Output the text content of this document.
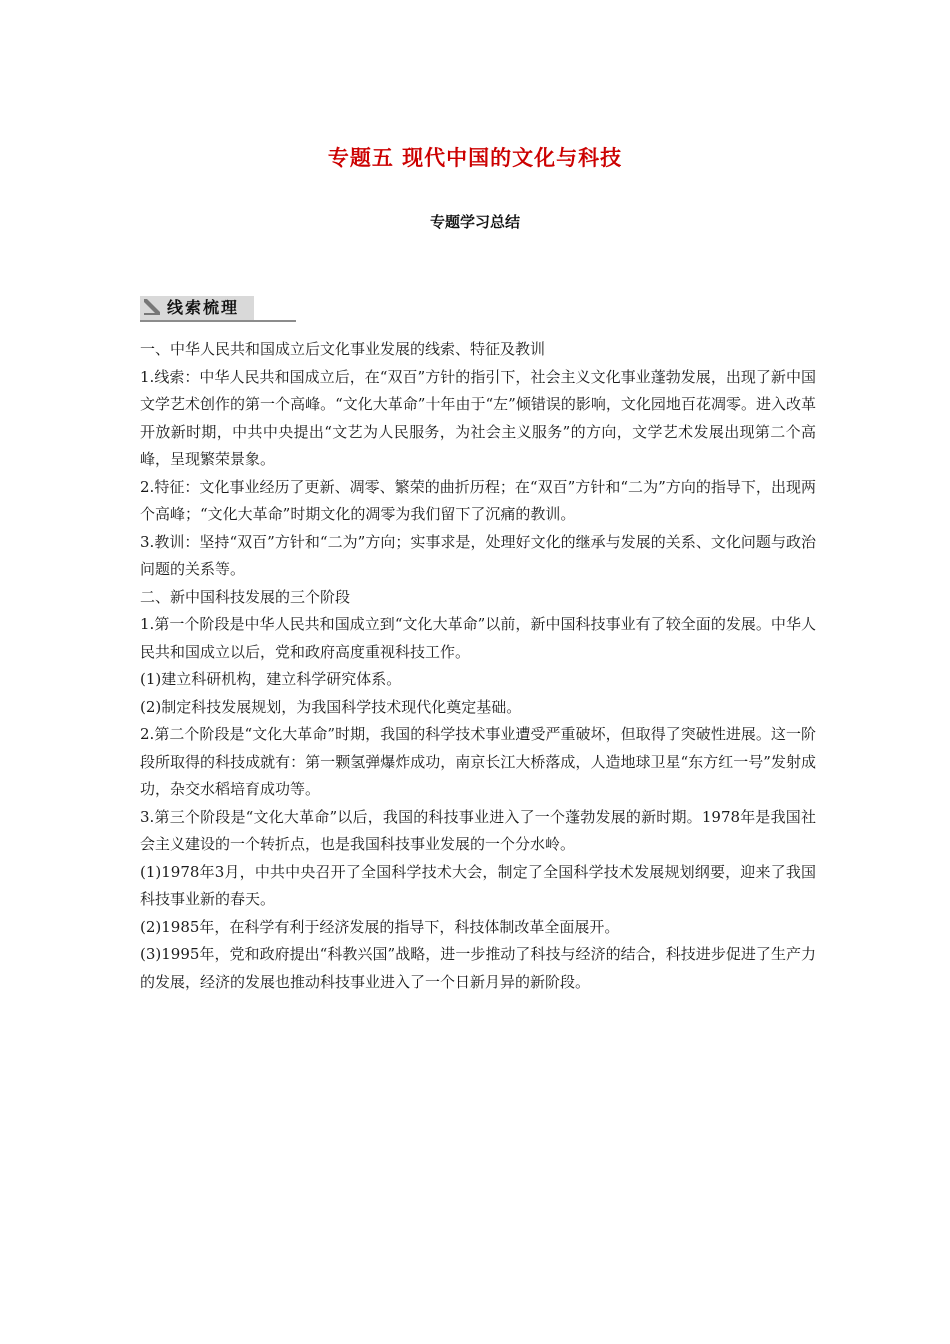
专题五 现代中国的文化与科技
专题学习总结
线索梳理

一、中华人民共和国成立后文化事业发展的线索、特征及教训

1.线索：中华人民共和国成立后，在“双百”方针的指引下，社会主义文化事业蓬勃发展，出现了新中国文学艺术创作的第一个高峰。“文化大革命”十年由于“左”倾错误的影响，文化园地百花凋零。进入改革开放新时期，中共中央提出“文艺为人民服务，为社会主义服务”的方向，文学艺术发展出现第二个高峰，呈现繁荣景象。

2.特征：文化事业经历了更新、凋零、繁荣的曲折历程；在“双百”方针和“二为”方向的指导下，出现两个高峰；“文化大革命”时期文化的凋零为我们留下了沉痛的教训。

3.教训：坚持“双百”方针和“二为”方向；实事求是，处理好文化的继承与发展的关系、文化问题与政治问题的关系等。

二、新中国科技发展的三个阶段

1.第一个阶段是中华人民共和国成立到“文化大革命”以前，新中国科技事业有了较全面的发展。中华人民共和国成立以后，党和政府高度重视科技工作。

(1)建立科研机构，建立科学研究体系。

(2)制定科技发展规划，为我国科学技术现代化奠定基础。

2.第二个阶段是“文化大革命”时期，我国的科学技术事业遭受严重破坏，但取得了突破性进展。这一阶段所取得的科技成就有：第一颗氢弹爆炸成功，南京长江大桥落成，人造地球卫星“东方红一号”发射成功，杂交水稻培育成功等。

3.第三个阶段是“文化大革命”以后，我国的科技事业进入了一个蓬勃发展的新时期。1978年是我国社会主义建设的一个转折点，也是我国科技事业发展的一个分水岭。

(1)1978年3月，中共中央召开了全国科学技术大会，制定了全国科学技术发展规划纲要，迎来了我国科技事业新的春天。

(2)1985年，在科学有利于经济发展的指导下，科技体制改革全面展开。

(3)1995年，党和政府提出“科教兴国”战略，进一步推动了科技与经济的结合，科技进步促进了生产力的发展，经济的发展也推动科技事业进入了一个日新月异的新阶段。
